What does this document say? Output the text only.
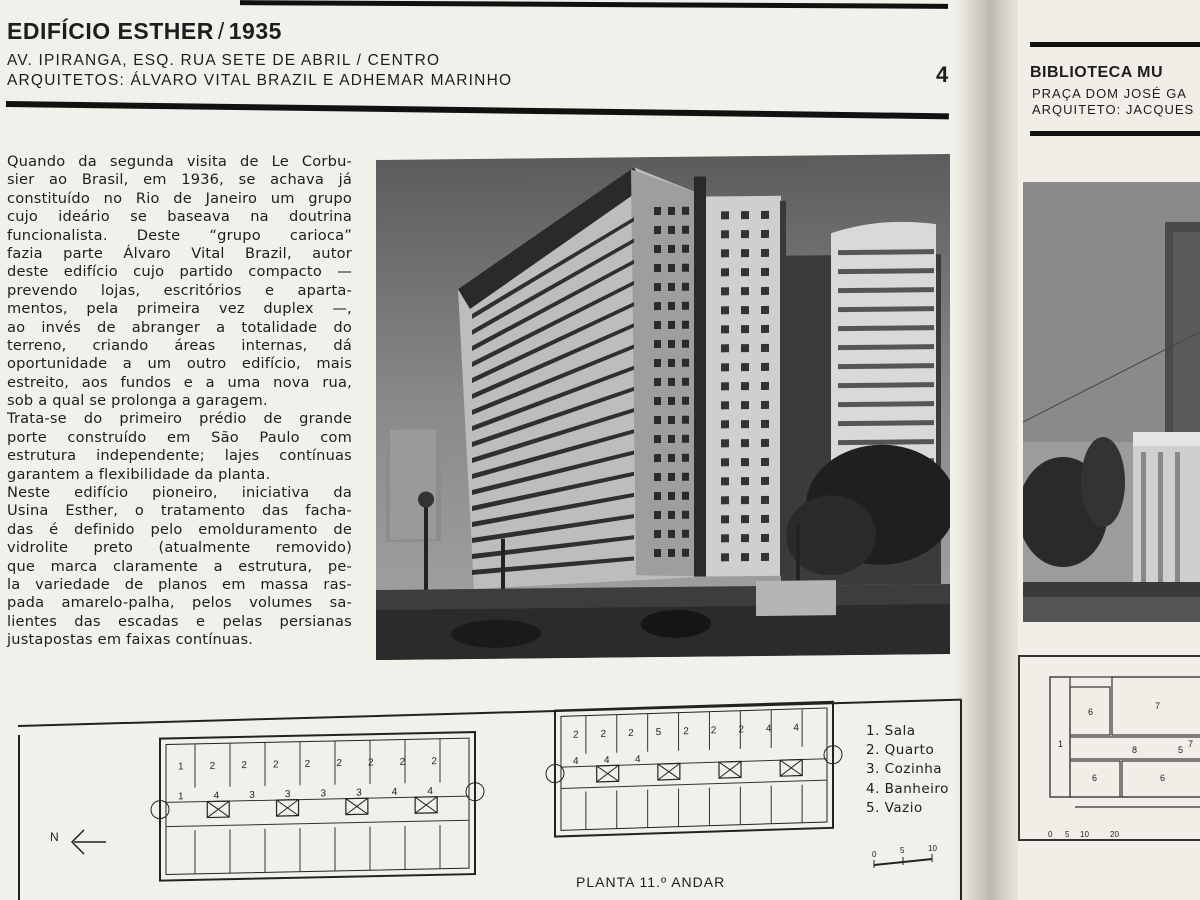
EDIFÍCIO ESTHER / 1935
AV. IPIRANGA, ESQ. RUA SETE DE ABRIL / CENTRO
ARQUITETOS: ÁLVARO VITAL BRAZIL E ADHEMAR MARINHO	4
Quando da segunda visita de Le Corbu-
sier ao Brasil, em 1936, se achava já
constituído no Rio de Janeiro um grupo
cujo ideário se baseava na doutrina
funcionalista. Deste “grupo carioca”
fazia parte Álvaro Vital Brazil, autor
deste edifício cujo partido compacto —
prevendo lojas, escritórios e aparta-
mentos, pela primeira vez duplex —,
ao invés de abranger a totalidade do
terreno, criando áreas internas, dá
oportunidade a um outro edifício, mais
estreito, aos fundos e a uma nova rua,
sob a qual se prolonga a garagem.
Trata-se do primeiro prédio de grande
porte construído em São Paulo com
estrutura independente; lajes contínuas
garantem a flexibilidade da planta.
Neste edifício pioneiro, iniciativa da
Usina Esther, o tratamento das facha-
das é definido pelo emolduramento de
vidrolite preto (atualmente removido)
que marca claramente a estrutura, pe-
la variedade de planos em massa ras-
pada amarelo-palha, pelos volumes sa-
lientes das escadas e pelas persianas
justapostas em faixas contínuas.
1	2	2	2	2	2	2	2	2
1	4	3	3	3	3	4	4
2 2 2 5 2 2 2 4 4
4	4	4
0	5	10
N
1. Sala
2. Quarto
3. Cozinha
4. Banheiro
5. Vazio
PLANTA 11.º ANDAR
BIBLIOTECA MU
PRAÇA DOM JOSÉ GA
ARQUITETO: JACQUES
6
7
1
8
6	6
5
7
0 5 10	20
